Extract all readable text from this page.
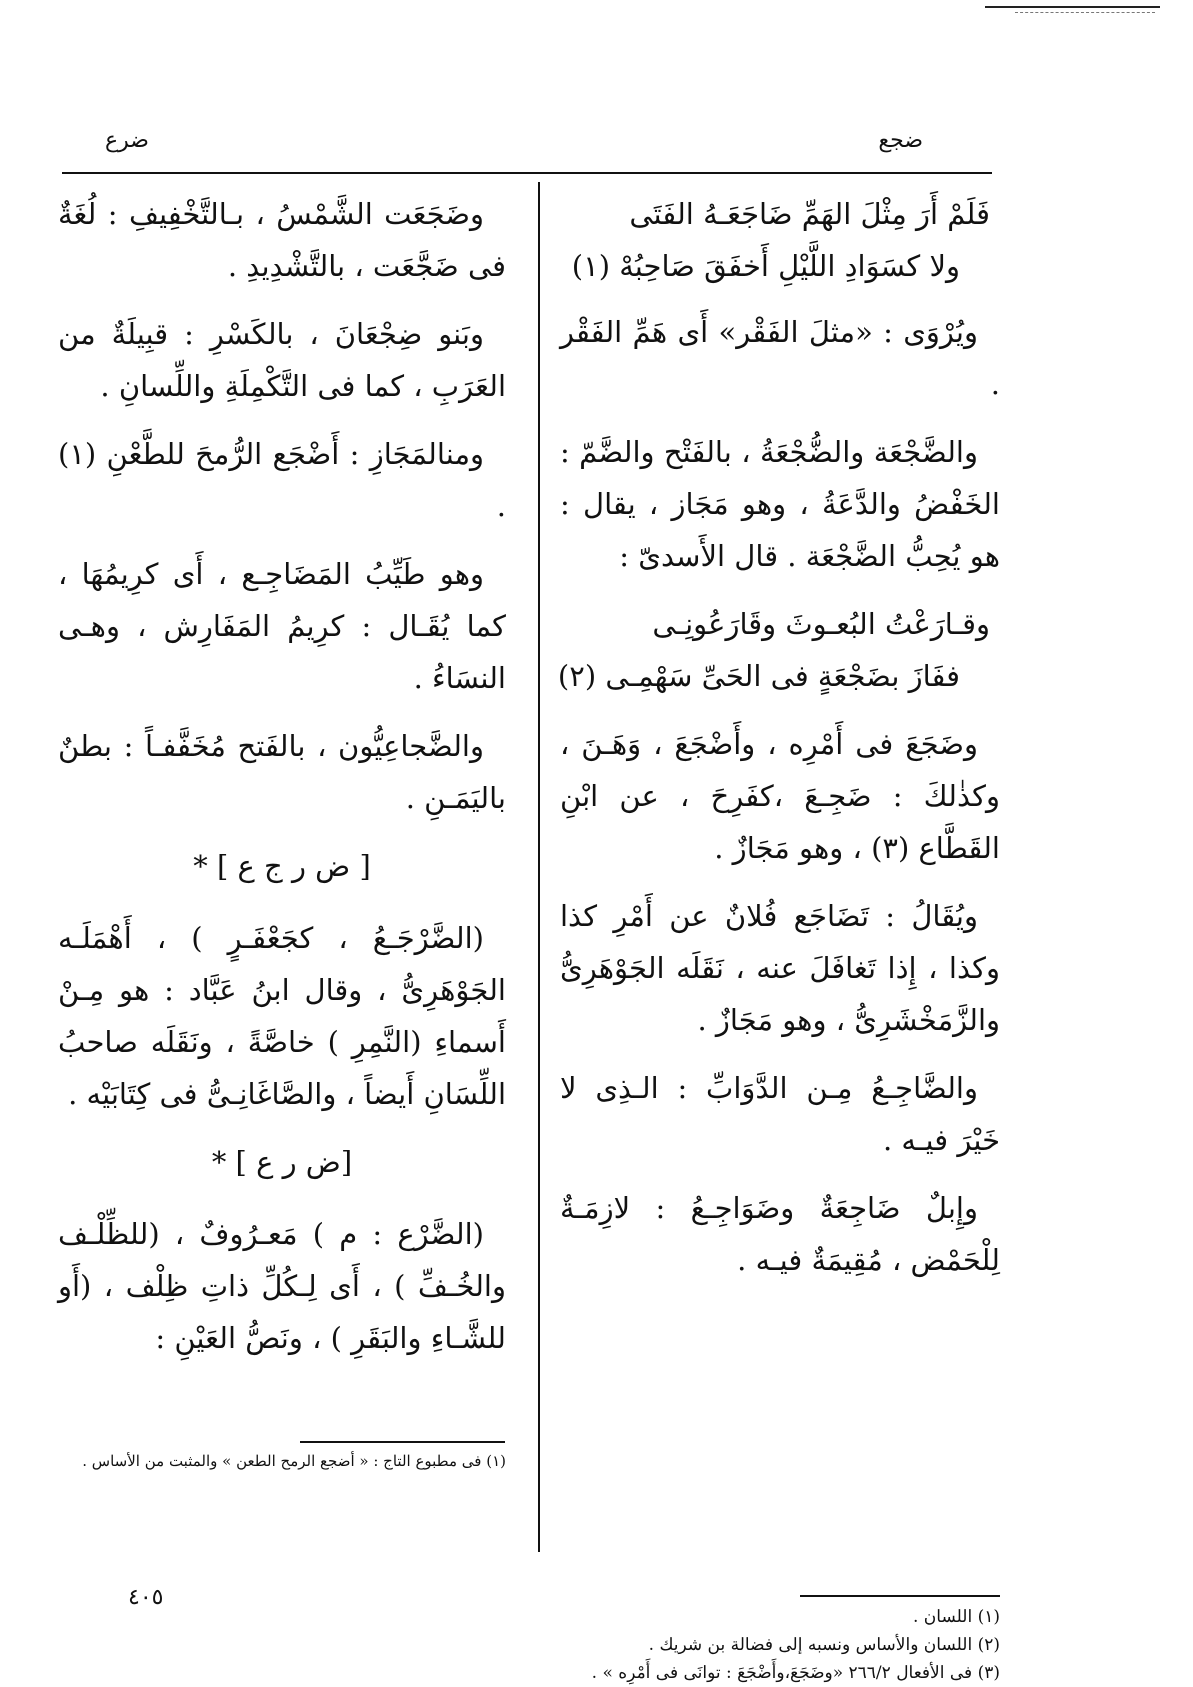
ضجع
ضرع
فَلَمْ أَرَ مِثْلَ الهَمِّ ضَاجَعَـهُ الفَتَى
ولا كسَوَادِ اللَّيْلِ أَخفَقَ صَاحِبُهْ (١)
ويُرْوَى : «مثلَ الفَقْر» أَى هَمِّ الفَقْر .
والضَّجْعَة والضُّجْعَةُ ، بالفَتْح والضَّمّ : الخَفْضُ والدَّعَةُ ، وهو مَجَاز ، يقال : هو يُحِبُّ الضَّجْعَة . قال الأَسدىّ :
وقـارَعْتُ البُعـوثَ وقَارَعُونِـى
ففَازَ بضَجْعَةٍ فى الحَىِّ سَهْمِـى (٢)
وضَجَعَ فى أَمْرِه ، وأَضْجَعَ ، وَهَـنَ ، وكذٰلكَ : ضَجِـعَ ،كفَرِحَ ، عن ابْنِ القَطَّاع (٣) ، وهو مَجَازٌ .
ويُقَالُ : تَضَاجَع فُلانٌ عن أَمْرِ كذا وكذا ، إِذا تَغافَلَ عنه ، نَقَلَه الجَوْهَرِىُّ والزَّمَخْشَرِىُّ ، وهو مَجَازٌ .
والضَّاجِـعُ مِـن الدَّوَابِّ : الـذِى لا خَيْرَ فيـه .
وإِبلٌ ضَاجِعَةٌ وضَوَاجِـعُ : لازِمَـةٌ لِلْحَمْض ، مُقِيمَةٌ فيـه .
وضَجَعَت الشَّمْسُ ، بـالتَّخْفِيفِ : لُغَةٌ فى ضَجَّعَت ، بالتَّشْدِيدِ .
وبَنو ضِجْعَانَ ، بالكَسْرِ : قبِيلَةٌ من العَرَبِ ، كما فى التَّكْمِلَةِ واللِّسانِ .
ومنالمَجَازِ : أَضْجَع الرُّمحَ للطَّعْنِ (١) .
وهو طَيِّبُ المَضَاجِـع ، أَى كرِيمُهَا ، كما يُقَـال : كرِيمُ المَفَارِش ، وهـى النسَاءُ .
والضَّجاعِيُّون ، بالفَتح مُخَفَّفـاً : بطنٌ باليَمَـنِ .
[ ض ر ج ع ] *
(الضَّرْجَـعُ ، كجَعْفَـرٍ ) ، أَهْمَلَـه الجَوْهَرِىُّ ، وقال ابنُ عَبَّاد : هو مِـنْ أَسماءِ (النَّمِرِ ) خاصَّةً ، ونَقَلَه صاحبُ اللِّسَانِ أَيضاً ، والصَّاغَانِـىُّ فى كِتَابَيْه .
[ض ر ع ] *
(الضَّرْع : م ) مَعـرُوفٌ ، (للظِّلْـف والخُـفِّ ) ، أَى لِـكُلِّ ذاتِ ظِلْف ، (أَو للشَّـاءِ والبَقَرِ ) ، ونَصُّ العَيْنِ :
(١) اللسان .
(٢) اللسان والأساس ونسبه إلى فضالة بن شريك .
(٣) فى الأفعال ٢٦٦/٢ «وضَجَعَ،وأَضْجَعَ : توانَى فى أَمْرِه » .
(١) فى مطبوع التاج : « أضجع الرمح الطعن » والمثبت من الأساس .
٤٠٥
